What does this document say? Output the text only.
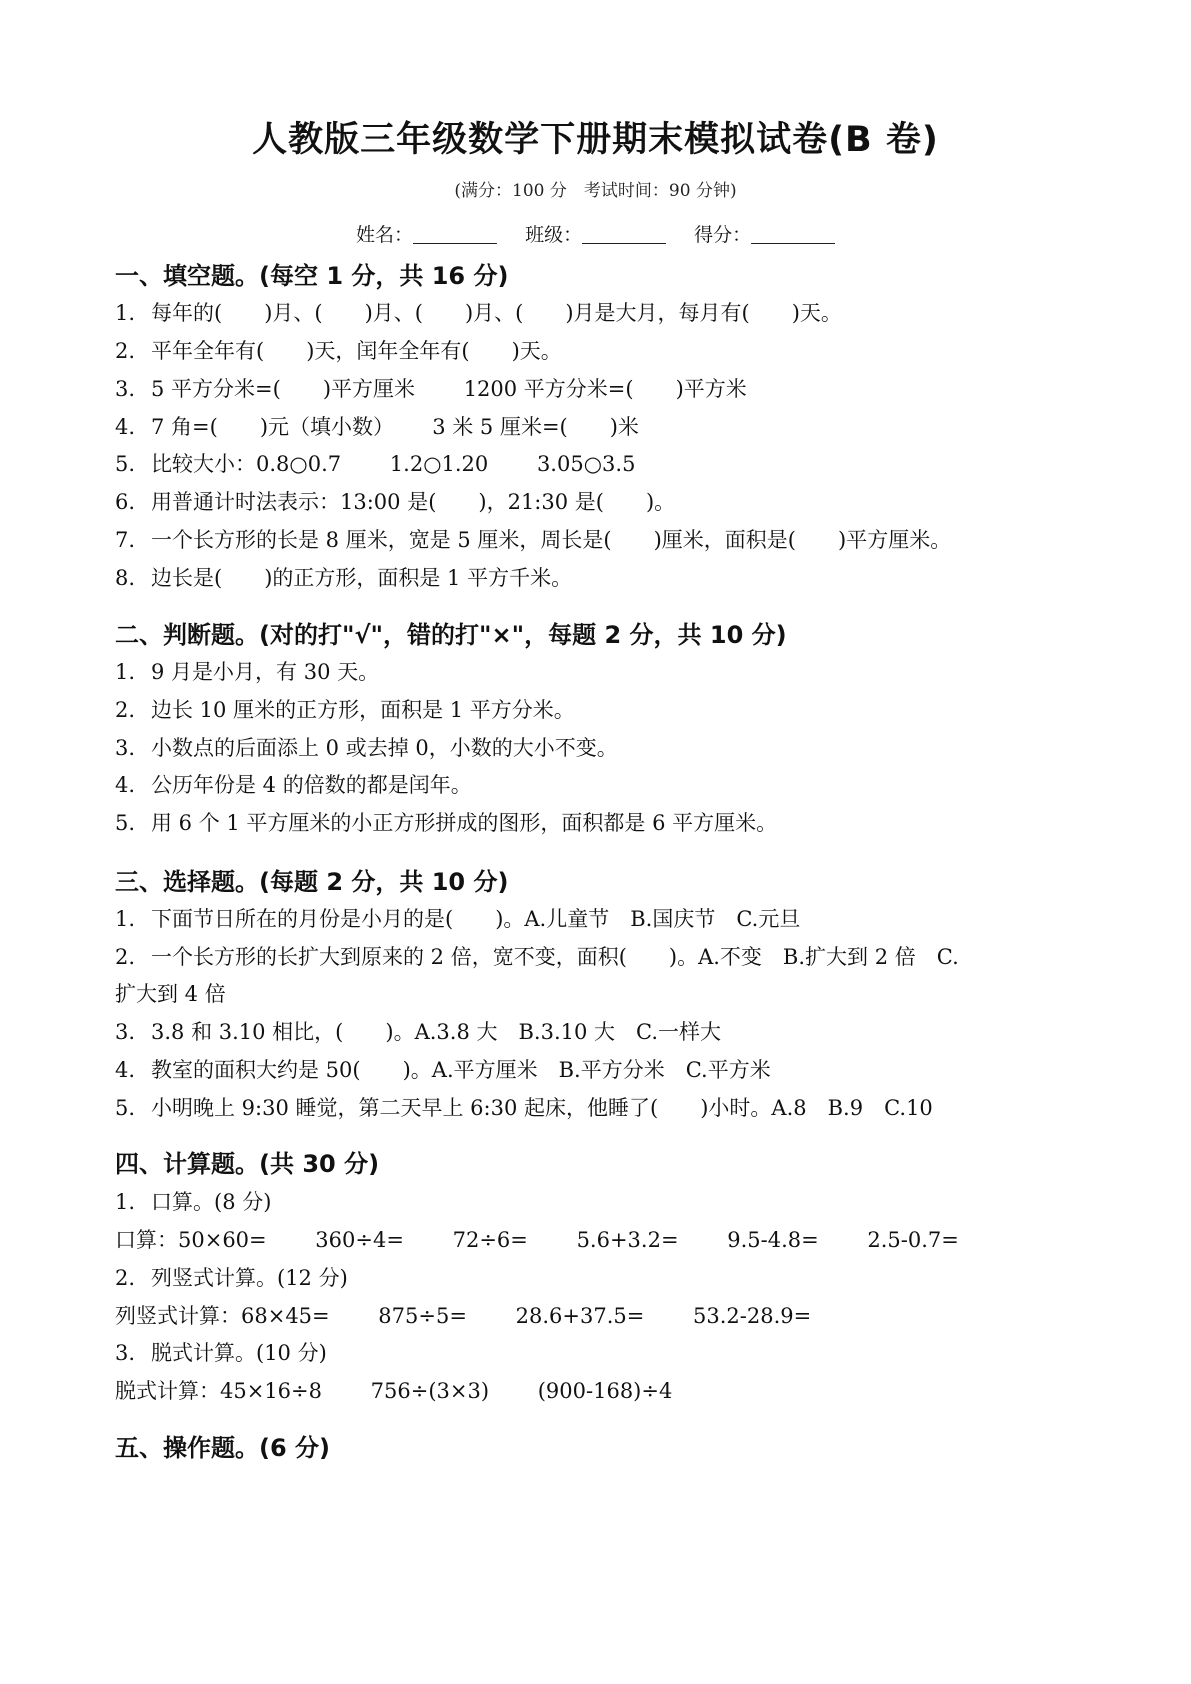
人教版三年级数学下册期末模拟试卷(B 卷)
(满分：100 分　考试时间：90 分钟)
姓名：	班级：	得分：
一、填空题。(每空 1 分，共 16 分)
1. 每年的(　　)月、(　　)月、(　　)月、(　　)月是大月，每月有(　　)天。
2. 平年全年有(　　)天，闰年全年有(　　)天。
3. 5 平方分米=(　　)平方厘米　　 1200 平方分米=(　　)平方米
4. 7 角=(　　)元（填小数）　　 3 米 5 厘米=(　　)米
5. 比较大小：0.8○0.7　　 1.2○1.20　　 3.05○3.5
6. 用普通计时法表示：13:00 是(　　)，21:30 是(　　)。
7. 一个长方形的长是 8 厘米，宽是 5 厘米，周长是(　　)厘米，面积是(　　)平方厘米。
8. 边长是(　　)的正方形，面积是 1 平方千米。
二、判断题。(对的打"√"，错的打"×"，每题 2 分，共 10 分)
1. 9 月是小月，有 30 天。
2. 边长 10 厘米的正方形，面积是 1 平方分米。
3. 小数点的后面添上 0 或去掉 0，小数的大小不变。
4. 公历年份是 4 的倍数的都是闰年。
5. 用 6 个 1 平方厘米的小正方形拼成的图形，面积都是 6 平方厘米。
三、选择题。(每题 2 分，共 10 分)
1. 下面节日所在的月份是小月的是(　　)。A.儿童节　B.国庆节　C.元旦
2. 一个长方形的长扩大到原来的 2 倍，宽不变，面积(　　)。A.不变　B.扩大到 2 倍　C.
扩大到 4 倍
3. 3.8 和 3.10 相比，(　　)。A.3.8 大　B.3.10 大　C.一样大
4. 教室的面积大约是 50(　　)。A.平方厘米　B.平方分米　C.平方米
5. 小明晚上 9:30 睡觉，第二天早上 6:30 起床，他睡了(　　)小时。A.8　B.9　C.10
四、计算题。(共 30 分)
1. 口算。(8 分)
口算：50×60=　　 360÷4=　　 72÷6=　　 5.6+3.2=　　 9.5-4.8=　　 2.5-0.7=
2. 列竖式计算。(12 分)
列竖式计算：68×45=　　 875÷5=　　 28.6+37.5=　　 53.2-28.9=
3. 脱式计算。(10 分)
脱式计算：45×16÷8　　 756÷(3×3)　　 (900-168)÷4
五、操作题。(6 分)
